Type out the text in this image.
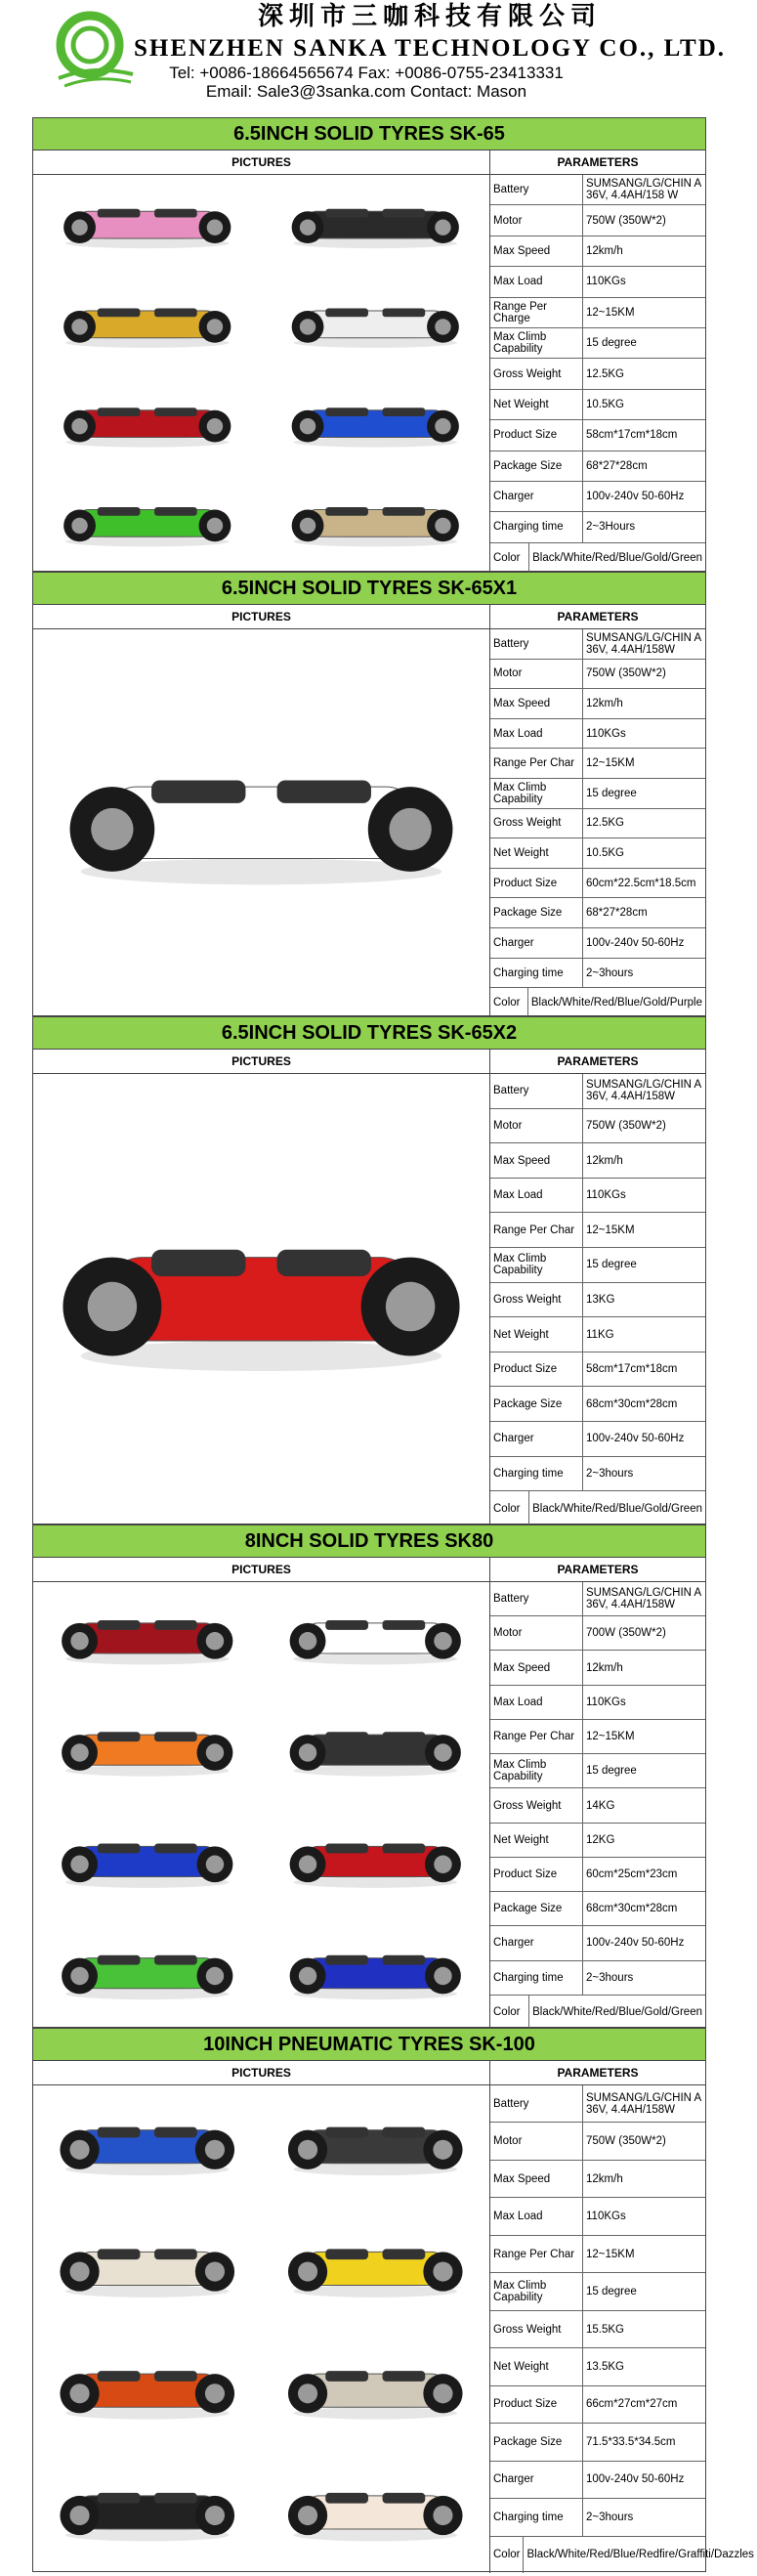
深圳市三咖科技有限公司
SHENZHEN SANKA TECHNOLOGY CO., LTD.
Tel: +0086-18664565674 Fax: +0086-0755-23413331
Email: Sale3@3sanka.com Contact: Mason
6.5INCH SOLID TYRES SK-65
PICTURES	PARAMETERS
Battery	SUMSANG/LG/CHIN A 36V, 4.4AH/158 W
Motor	750W (350W*2)
Max Speed	12km/h
Max Load	110KGs
Range Per Charge	12~15KM
Max Climb Capability	15 degree
Gross Weight	12.5KG
Net Weight	10.5KG
Product Size	58cm*17cm*18cm
Package Size	68*27*28cm
Charger	100v-240v 50-60Hz
Charging time	2~3Hours
Color	Black/White/Red/Blue/Gold/Green
6.5INCH SOLID TYRES SK-65X1
PICTURES	PARAMETERS
Battery	SUMSANG/LG/CHIN A 36V, 4.4AH/158W
Motor	750W (350W*2)
Max Speed	12km/h
Max Load	110KGs
Range Per Char	12~15KM
Max Climb Capability	15 degree
Gross Weight	12.5KG
Net Weight	10.5KG
Product Size	60cm*22.5cm*18.5cm
Package Size	68*27*28cm
Charger	100v-240v 50-60Hz
Charging time	2~3hours
Color Black/White/Red/Blue/Gold/Purple
6.5INCH SOLID TYRES SK-65X2
PICTURES	PARAMETERS
Battery	SUMSANG/LG/CHIN A 36V, 4.4AH/158W
Motor	750W (350W*2)
Max Speed	12km/h
Max Load	110KGs
Range Per Char	12~15KM
Max Climb Capability	15 degree
Gross Weight	13KG
Net Weight	11KG
Product Size	58cm*17cm*18cm
Package Size	68cm*30cm*28cm
Charger	100v-240v 50-60Hz
Charging time	2~3hours
Color	Black/White/Red/Blue/Gold/Green
8INCH SOLID TYRES SK80
PICTURES	PARAMETERS
Battery	SUMSANG/LG/CHIN A 36V, 4.4AH/158W
Motor	700W (350W*2)
Max Speed	12km/h
Max Load	110KGs
Range Per Char	12~15KM
Max Climb Capability	15 degree
Gross Weight	14KG
Net Weight	12KG
Product Size	60cm*25cm*23cm
Package Size	68cm*30cm*28cm
Charger	100v-240v 50-60Hz
Charging time	2~3hours
Color	Black/White/Red/Blue/Gold/Green
10INCH PNEUMATIC TYRES SK-100
PICTURES	PARAMETERS
Battery	SUMSANG/LG/CHIN A 36V, 4.4AH/158W
Motor	750W (350W*2)
Max Speed	12km/h
Max Load	110KGs
Range Per Char	12~15KM
Max Climb Capability	15 degree
Gross Weight	15.5KG
Net Weight	13.5KG
Product Size	66cm*27cm*27cm
Package Size	71.5*33.5*34.5cm
Charger	100v-240v 50-60Hz
Charging time	2~3hours
Color Black/White/Red/Blue/Redfire/Graffiti/Dazzles
